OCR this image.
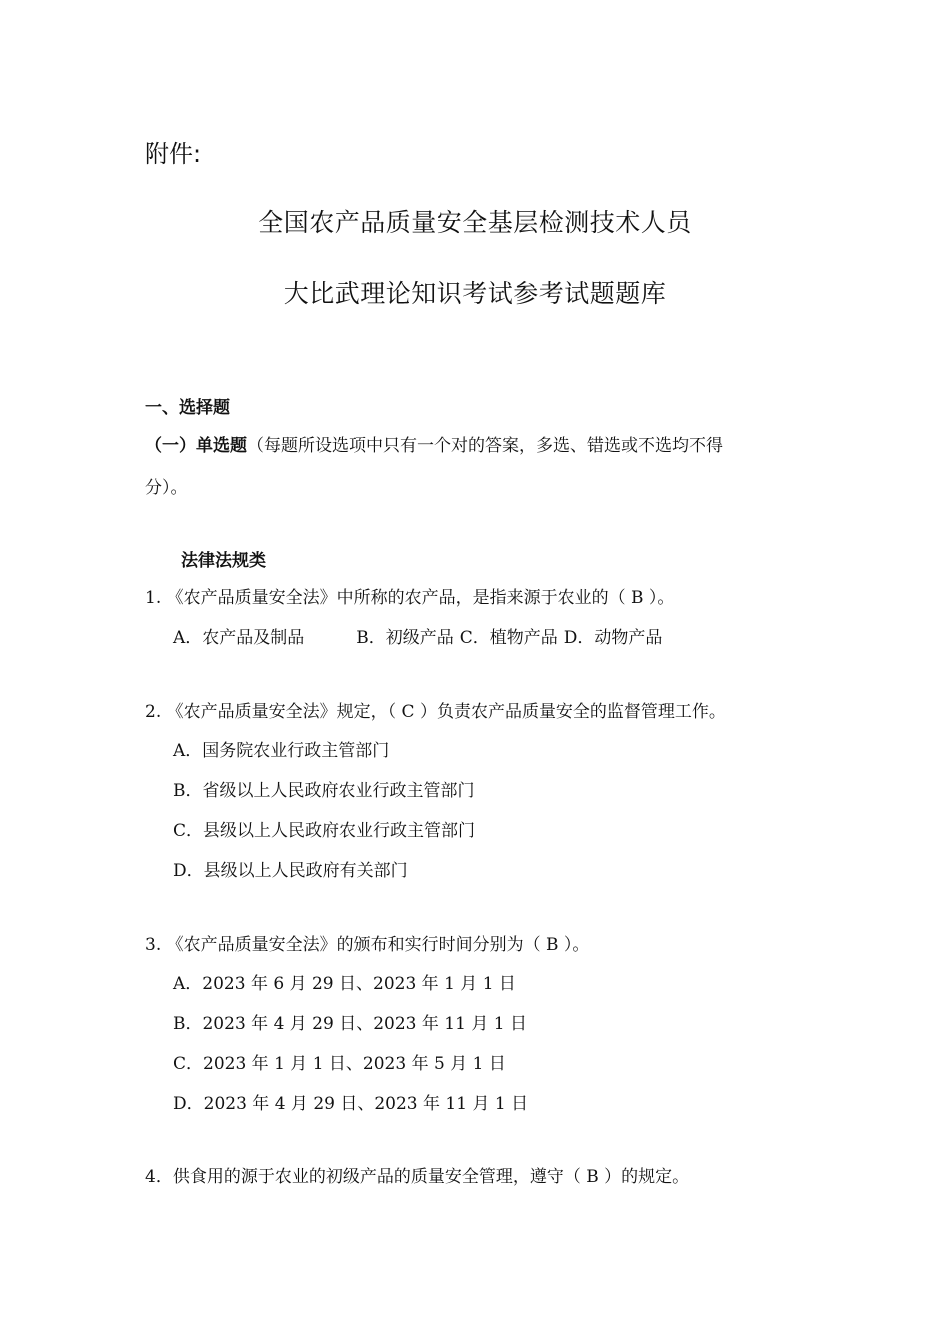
附件:
全国农产品质量安全基层检测技术人员
大比武理论知识考试参考试题题库
一、选择题
（一）单选题（每题所设选项中只有一个对的答案，多选、错选或不选均不得
分）。
法律法规类
1. 《农产品质量安全法》中所称的农产品，是指来源于农业的（ B ）。
A．农产品及制品	B．初级产品 C．植物产品 D．动物产品
2. 《农产品质量安全法》规定，（ C ）负责农产品质量安全的监督管理工作。
A．国务院农业行政主管部门
B．省级以上人民政府农业行政主管部门
C．县级以上人民政府农业行政主管部门
D．县级以上人民政府有关部门
3. 《农产品质量安全法》的颁布和实行时间分别为（ B ）。
A．2023 年 6 月 29 日、2023 年 1 月 1 日
B．2023 年 4 月 29 日、2023 年 11 月 1 日
C．2023 年 1 月 1 日、2023 年 5 月 1 日
D．2023 年 4 月 29 日、2023 年 11 月 1 日
4．供食用的源于农业的初级产品的质量安全管理，遵守（ B ）的规定。
